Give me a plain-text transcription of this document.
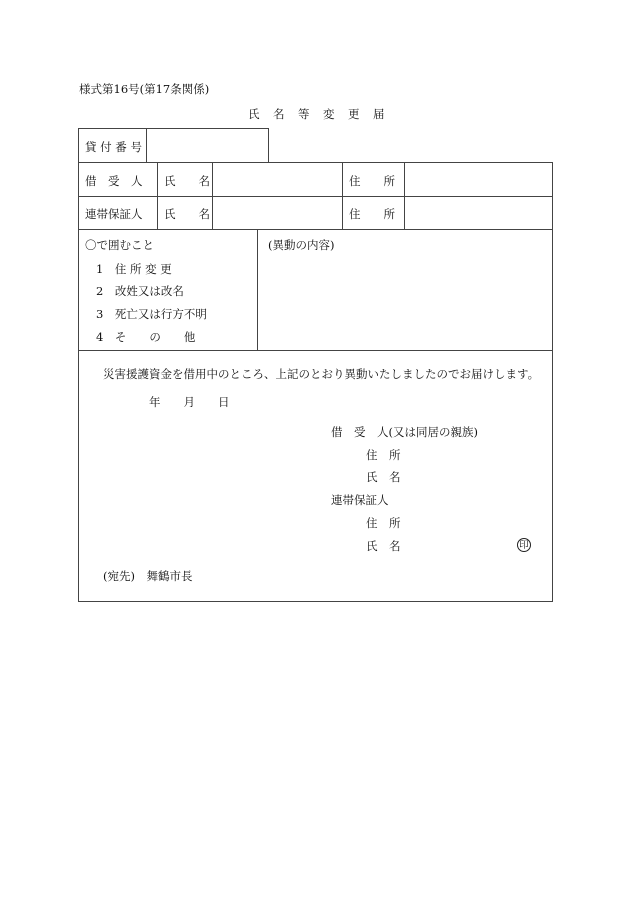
様式第16号(第17条関係)
氏　名　等　変　更　届
貸 付 番 号
借　受　人 氏　　名	住　　所
連帯保証人 氏　　名	住　　所
〇で囲むこと
1　住 所 変 更
2　改姓又は改名
3　死亡又は行方不明
4　そ　　の　　他
(異動の内容)
災害援護資金を借用中のところ、上記のとおり異動いたしましたのでお届けします。
年　　月　　日
借　受　人(又は同居の親族)
住　所
氏　名
連帯保証人
住　所
氏　名	印
(宛先)　舞鶴市長
